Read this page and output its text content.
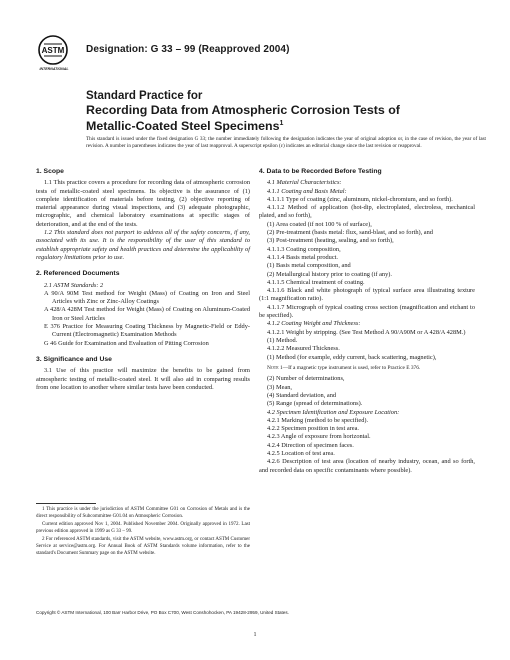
ASTM
INTERNATIONAL
Designation: G 33 – 99 (Reapproved 2004)
Standard Practice for
Recording Data from Atmospheric Corrosion Tests of
Metallic-Coated Steel Specimens$^1$
This standard is issued under the fixed designation G 33; the number immediately following the designation indicates the year of original adoption or, in the case of revision, the year of last revision. A number in parentheses indicates the year of last reapproval. A superscript epsilon (ε) indicates an editorial change since the last revision or reapproval.
1. Scope

1.1 This practice covers a procedure for recording data of atmospheric corrosion tests of metallic-coated steel specimens. Its objective is the assurance of (1) complete identification of materials before testing, (2) objective reporting of material appearance during visual inspections, and (3) adequate photographic, micrographic, and chemical laboratory examinations at specific stages of deterioration, and at the end of the tests.

1.2 This standard does not purport to address all of the safety concerns, if any, associated with its use. It is the responsibility of the user of this standard to establish appropriate safety and health practices and determine the applicability of regulatory limitations prior to use.

2. Referenced Documents

2.1 ASTM Standards: 2

A 90/A 90M Test method for Weight (Mass) of Coating on Iron and Steel Articles with Zinc or Zinc-Alloy Coatings

A 428/A 428M Test method for Weight (Mass) of Coating on Aluminum-Coated Iron or Steel Articles

E 376 Practice for Measuring Coating Thickness by Magnetic-Field or Eddy-Current (Electromagnetic) Examination Methods

G 46 Guide for Examination and Evaluation of Pitting Corrosion

3. Significance and Use

3.1 Use of this practice will maximize the benefits to be gained from atmospheric testing of metallic-coated steel. It will also aid in comparing results from one location to another where similar tests have been conducted.

1 This practice is under the jurisdiction of ASTM Committee G01 on Corrosion of Metals and is the direct responsibility of Subcommittee G01.04 on Atmospheric Corrosion.

Current edition approved Nov 1, 2004. Published November 2004. Originally approved in 1972. Last previous edition approved in 1999 as G 33 – 99.

2 For referenced ASTM standards, visit the ASTM website, www.astm.org, or contact ASTM Customer Service at service@astm.org. For Annual Book of ASTM Standards volume information, refer to the standard's Document Summary page on the ASTM website.

4. Data to be Recorded Before Testing

4.1 Material Characteristics:

4.1.1 Coating and Basis Metal:

4.1.1.1 Type of coating (zinc, aluminum, nickel-chromium, and so forth).

4.1.1.2 Method of application (hot-dip, electroplated, electroless, mechanical plated, and so forth),

(1) Area coated (if not 100 % of surface),

(2) Pre-treatment (basis metal: flux, sand-blast, and so forth), and

(3) Post-treatment (heating, sealing, and so forth),

4.1.1.3 Coating composition,

4.1.1.4 Basis metal product.

(1) Basis metal composition, and

(2) Metallurgical history prior to coating (if any).

4.1.1.5 Chemical treatment of coating.

4.1.1.6 Black and white photograph of typical surface area illustrating texture (1:1 magnification ratio).

4.1.1.7 Micrograph of typical coating cross section (magnification and etchant to be specified).

4.1.2 Coating Weight and Thickness:

4.1.2.1 Weight by stripping. (See Test Method A 90/A90M or A 428/A 428M.)

(1) Method.

4.1.2.2 Measured Thickness.

(1) Method (for example, eddy current, back scattering, magnetic),

Note 1—If a magnetic type instrument is used, refer to Practice E 376.

(2) Number of determinations,

(3) Mean,

(4) Standard deviation, and

(5) Range (spread of determinations).

4.2 Specimen Identification and Exposure Location:

4.2.1 Marking (method to be specified).

4.2.2 Specimen position in test area.

4.2.3 Angle of exposure from horizontal.

4.2.4 Direction of specimen faces.

4.2.5 Location of test area.

4.2.6 Description of test area (location of nearby industry, ocean, and so forth, and recorded data on specific contaminants where possible).

Copyright © ASTM International, 100 Barr Harbor Drive, PO Box C700, West Conshohocken, PA 19428-2959, United States.
1
